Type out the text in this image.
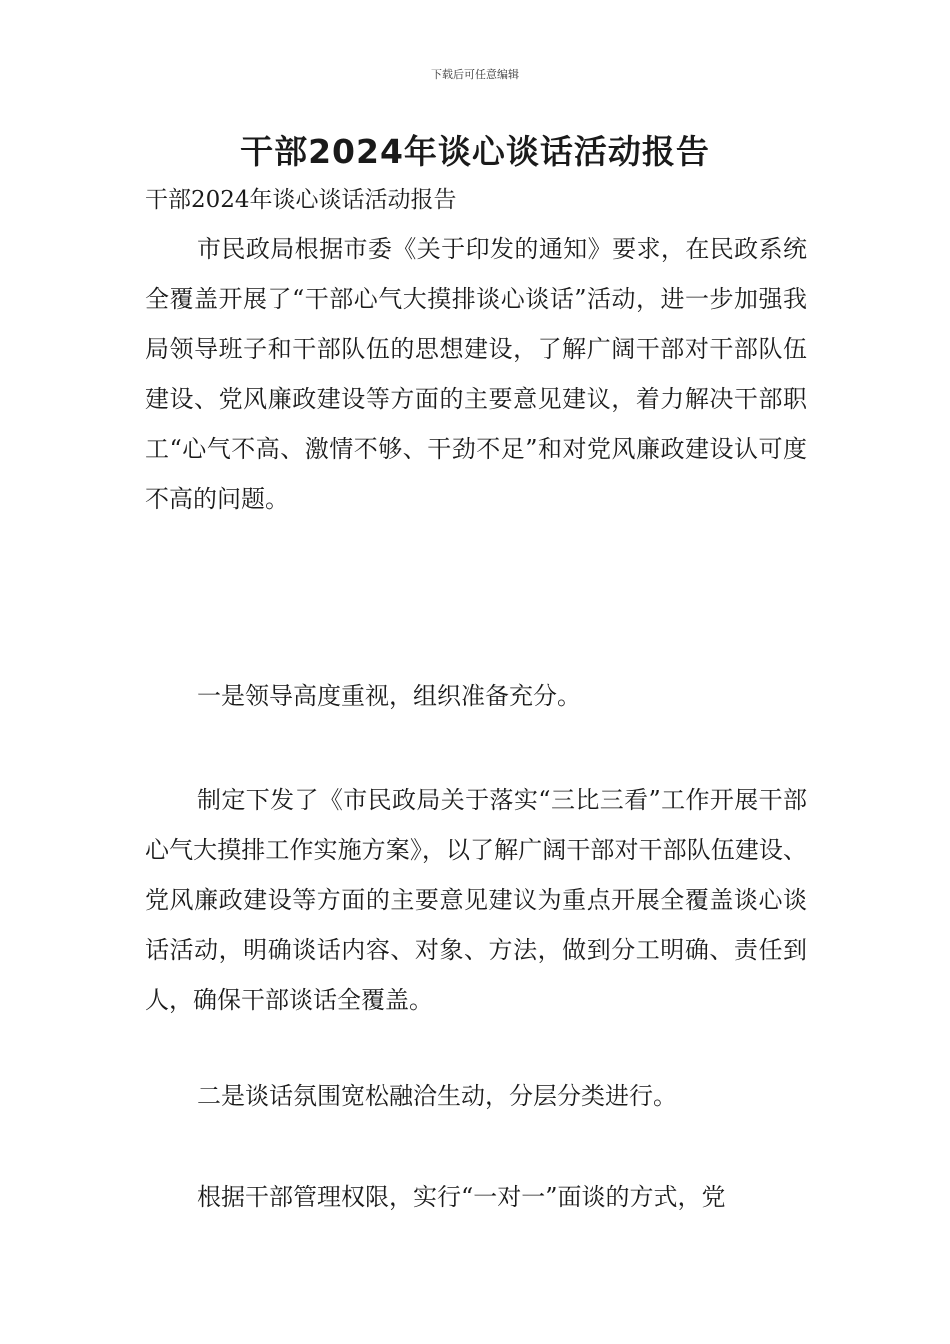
下载后可任意编辑
干部2024年谈心谈话活动报告

干部2024年谈心谈话活动报告

市民政局根据市委《关于印发的通知》要求，在民政系统全覆盖开展了“干部心气大摸排谈心谈话”活动，进一步加强我局领导班子和干部队伍的思想建设，了解广阔干部对干部队伍建设、党风廉政建设等方面的主要意见建议，着力解决干部职工“心气不高、激情不够、干劲不足”和对党风廉政建设认可度不高的问题。

一是领导高度重视，组织准备充分。

制定下发了《市民政局关于落实“三比三看”工作开展干部心气大摸排工作实施方案》，以了解广阔干部对干部队伍建设、党风廉政建设等方面的主要意见建议为重点开展全覆盖谈心谈话活动，明确谈话内容、对象、方法，做到分工明确、责任到人，确保干部谈话全覆盖。

二是谈话氛围宽松融洽生动，分层分类进行。

根据干部管理权限，实行“一对一”面谈的方式，党
